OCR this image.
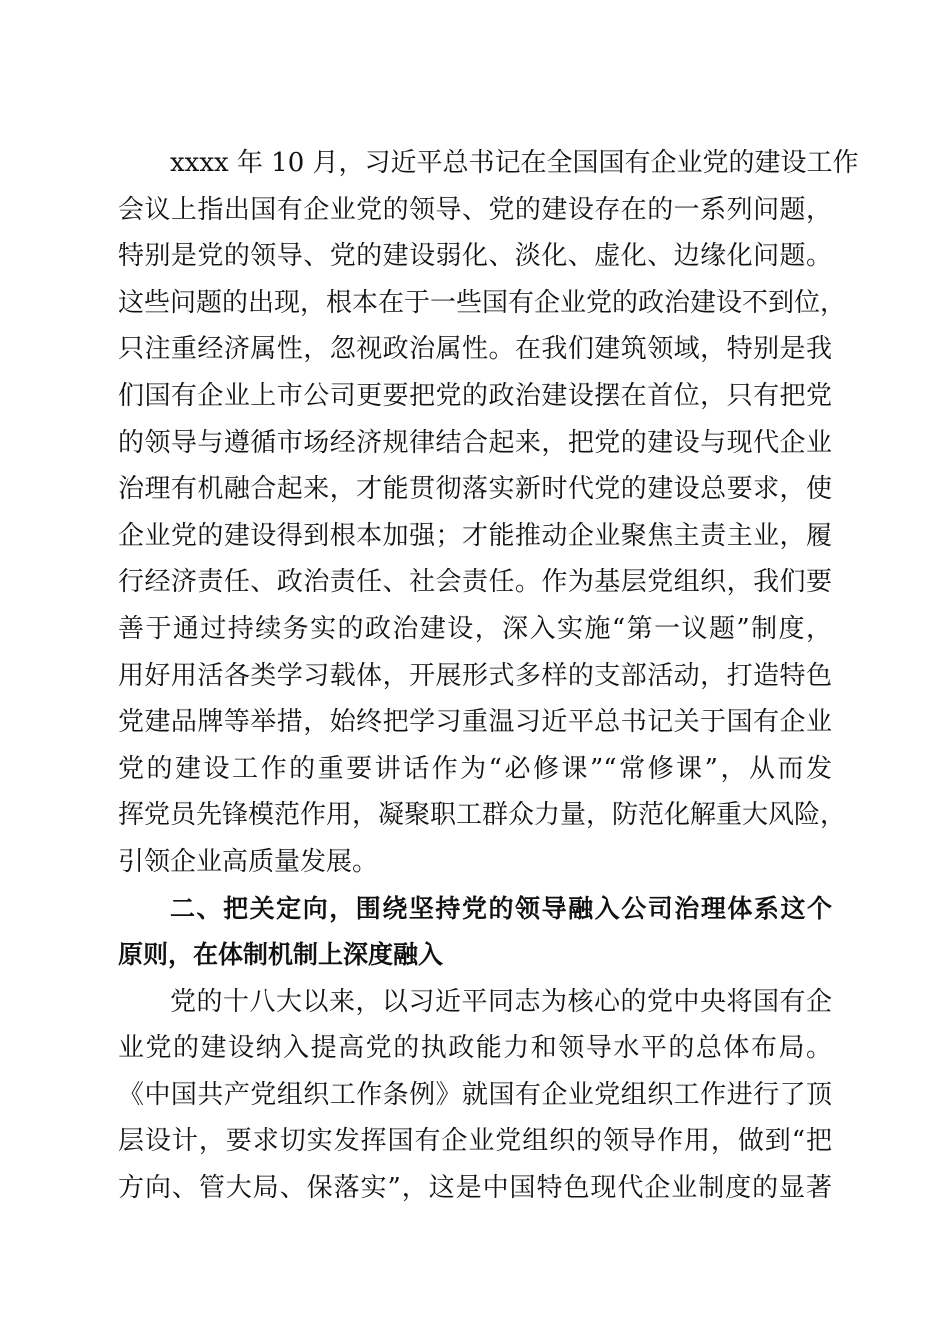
xxxx 年 10 月，习近平总书记在全国国有企业党的建设工作
会议上指出国有企业党的领导、党的建设存在的一系列问题，
特别是党的领导、党的建设弱化、淡化、虚化、边缘化问题。
这些问题的出现，根本在于一些国有企业党的政治建设不到位，
只注重经济属性，忽视政治属性。在我们建筑领域，特别是我
们国有企业上市公司更要把党的政治建设摆在首位，只有把党
的领导与遵循市场经济规律结合起来，把党的建设与现代企业
治理有机融合起来，才能贯彻落实新时代党的建设总要求，使
企业党的建设得到根本加强；才能推动企业聚焦主责主业，履
行经济责任、政治责任、社会责任。作为基层党组织，我们要
善于通过持续务实的政治建设，深入实施“第一议题”制度，
用好用活各类学习载体，开展形式多样的支部活动，打造特色
党建品牌等举措，始终把学习重温习近平总书记关于国有企业
党的建设工作的重要讲话作为“必修课”“常修课”，从而发
挥党员先锋模范作用，凝聚职工群众力量，防范化解重大风险，
引领企业高质量发展。
二、把关定向，围绕坚持党的领导融入公司治理体系这个
原则，在体制机制上深度融入
党的十八大以来，以习近平同志为核心的党中央将国有企
业党的建设纳入提高党的执政能力和领导水平的总体布局。
《中国共产党组织工作条例》就国有企业党组织工作进行了顶
层设计，要求切实发挥国有企业党组织的领导作用，做到“把
方向、管大局、保落实”，这是中国特色现代企业制度的显著
